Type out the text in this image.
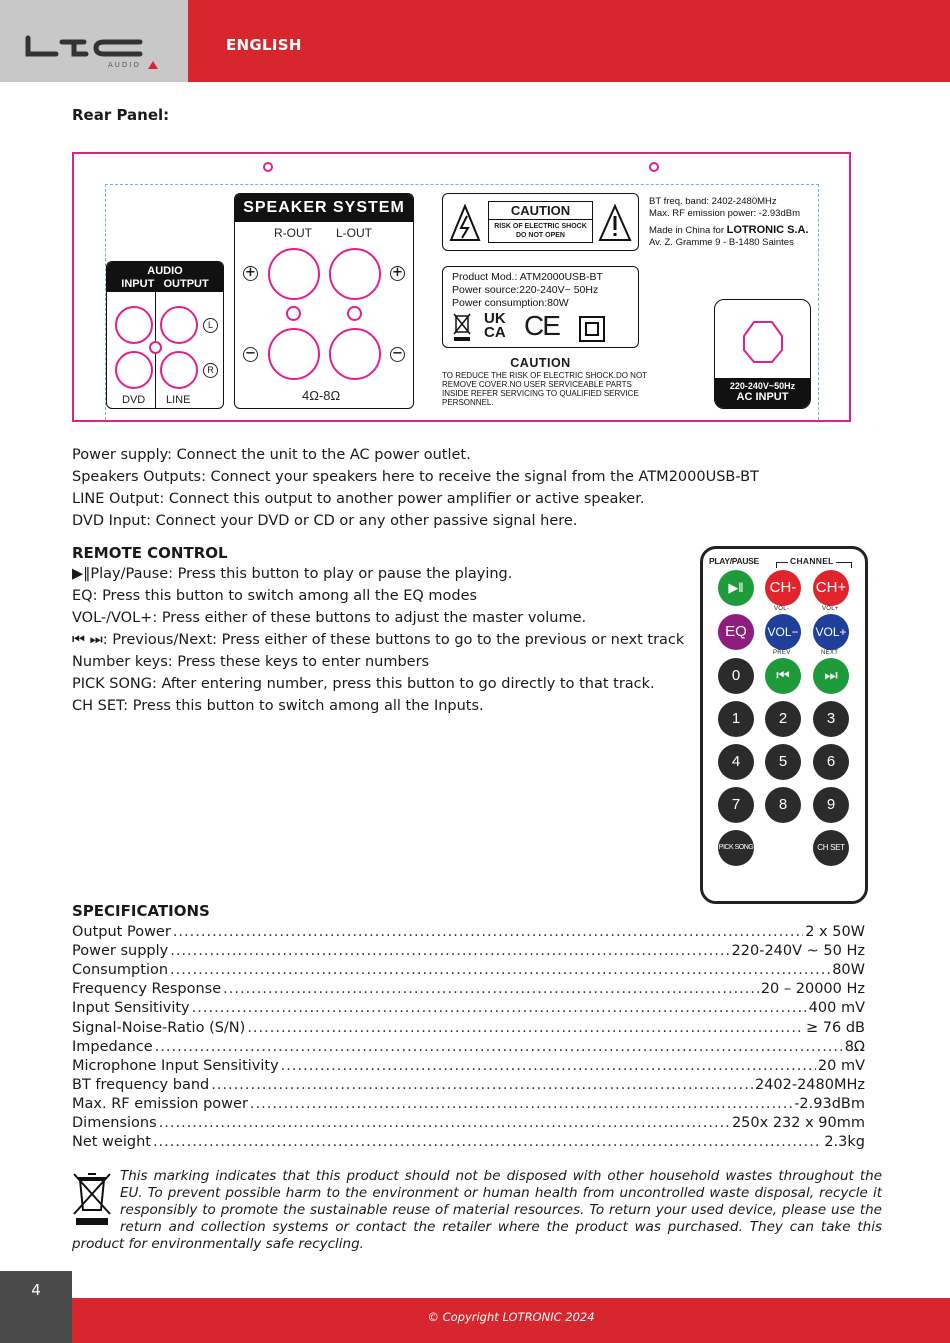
AUDIO
ENGLISH
Rear Panel:
AUDIO
INPUT OUTPUT
L
R
DVD LINE
SPEAKER SYSTEM
R-OUT L-OUT
+	+
−	−
4Ω-8Ω
CAUTION
RISK OF ELECTRIC SHOCK
DO NOT OPEN
BT freq. band: 2402-2480MHz
Max. RF emission power: -2.93dBm
Made in China for LOTRONIC S.A.
Av. Z. Gramme 9 - B-1480 Saintes
Product Mod.: ATM2000USB-BT
Power source:220-240V~ 50Hz
Power consumption:80W
UK
CA CE
CAUTION
TO REDUCE THE RISK OF ELECTRIC SHOCK.DO NOT REMOVE COVER.NO USER SERVICEABLE PARTS INSIDE REFER SERVICING TO QUALIFIED SERVICE PERSONNEL.
220-240V~50Hz
AC INPUT
Power supply: Connect the unit to the AC power outlet.
Speakers Outputs: Connect your speakers here to receive the signal from the ATM2000USB-BT
LINE Output: Connect this output to another power amplifier or active speaker.
DVD Input: Connect your DVD or CD or any other passive signal here.
REMOTE CONTROL
▶‖Play/Pause: Press this button to play or pause the playing.
EQ: Press this button to switch among all the EQ modes
VOL-/VOL+: Press either of these buttons to adjust the master volume.
⏮ ⏭: Previous/Next: Press either of these buttons to go to the previous or next track
Number keys: Press these keys to enter numbers
PICK SONG: After entering number, press this button to go directly to that track.
CH SET: Press this button to switch among all the Inputs.
PLAY/PAUSE	CHANNEL
▶‖	CH-	CH+
VOL-	VOL+
EQ	VOL− VOL+
PREV	NEXT
0	⏮	⏭
1	2	3
4	5	6
7	8	9
PICK SONG	CH SET
SPECIFICATIONS
Output Power .....	2 x 50W
Power supply .....	220-240V ~ 50 Hz
Consumption .....	80W
Frequency Response .....	20 – 20000 Hz
Input Sensitivity .....	400 mV
Signal-Noise-Ratio (S/N) .....	≥ 76 dB
Impedance .....	8Ω
Microphone Input Sensitivity .....	20 mV
BT frequency band .....	2402-2480MHz
Max. RF emission power .....	-2.93dBm
Dimensions .....	250x 232 x 90mm
Net weight .....	2.3kg
This marking indicates that this product should not be disposed with other household wastes throughout the EU. To prevent possible harm to the environment or human health from uncontrolled waste disposal, recycle it responsibly to promote the sustainable reuse of material resources. To return your used device, please use the return and collection systems or contact the retailer where the product was purchased. They can take this product for environmentally safe recycling.
4
© Copyright LOTRONIC 2024
